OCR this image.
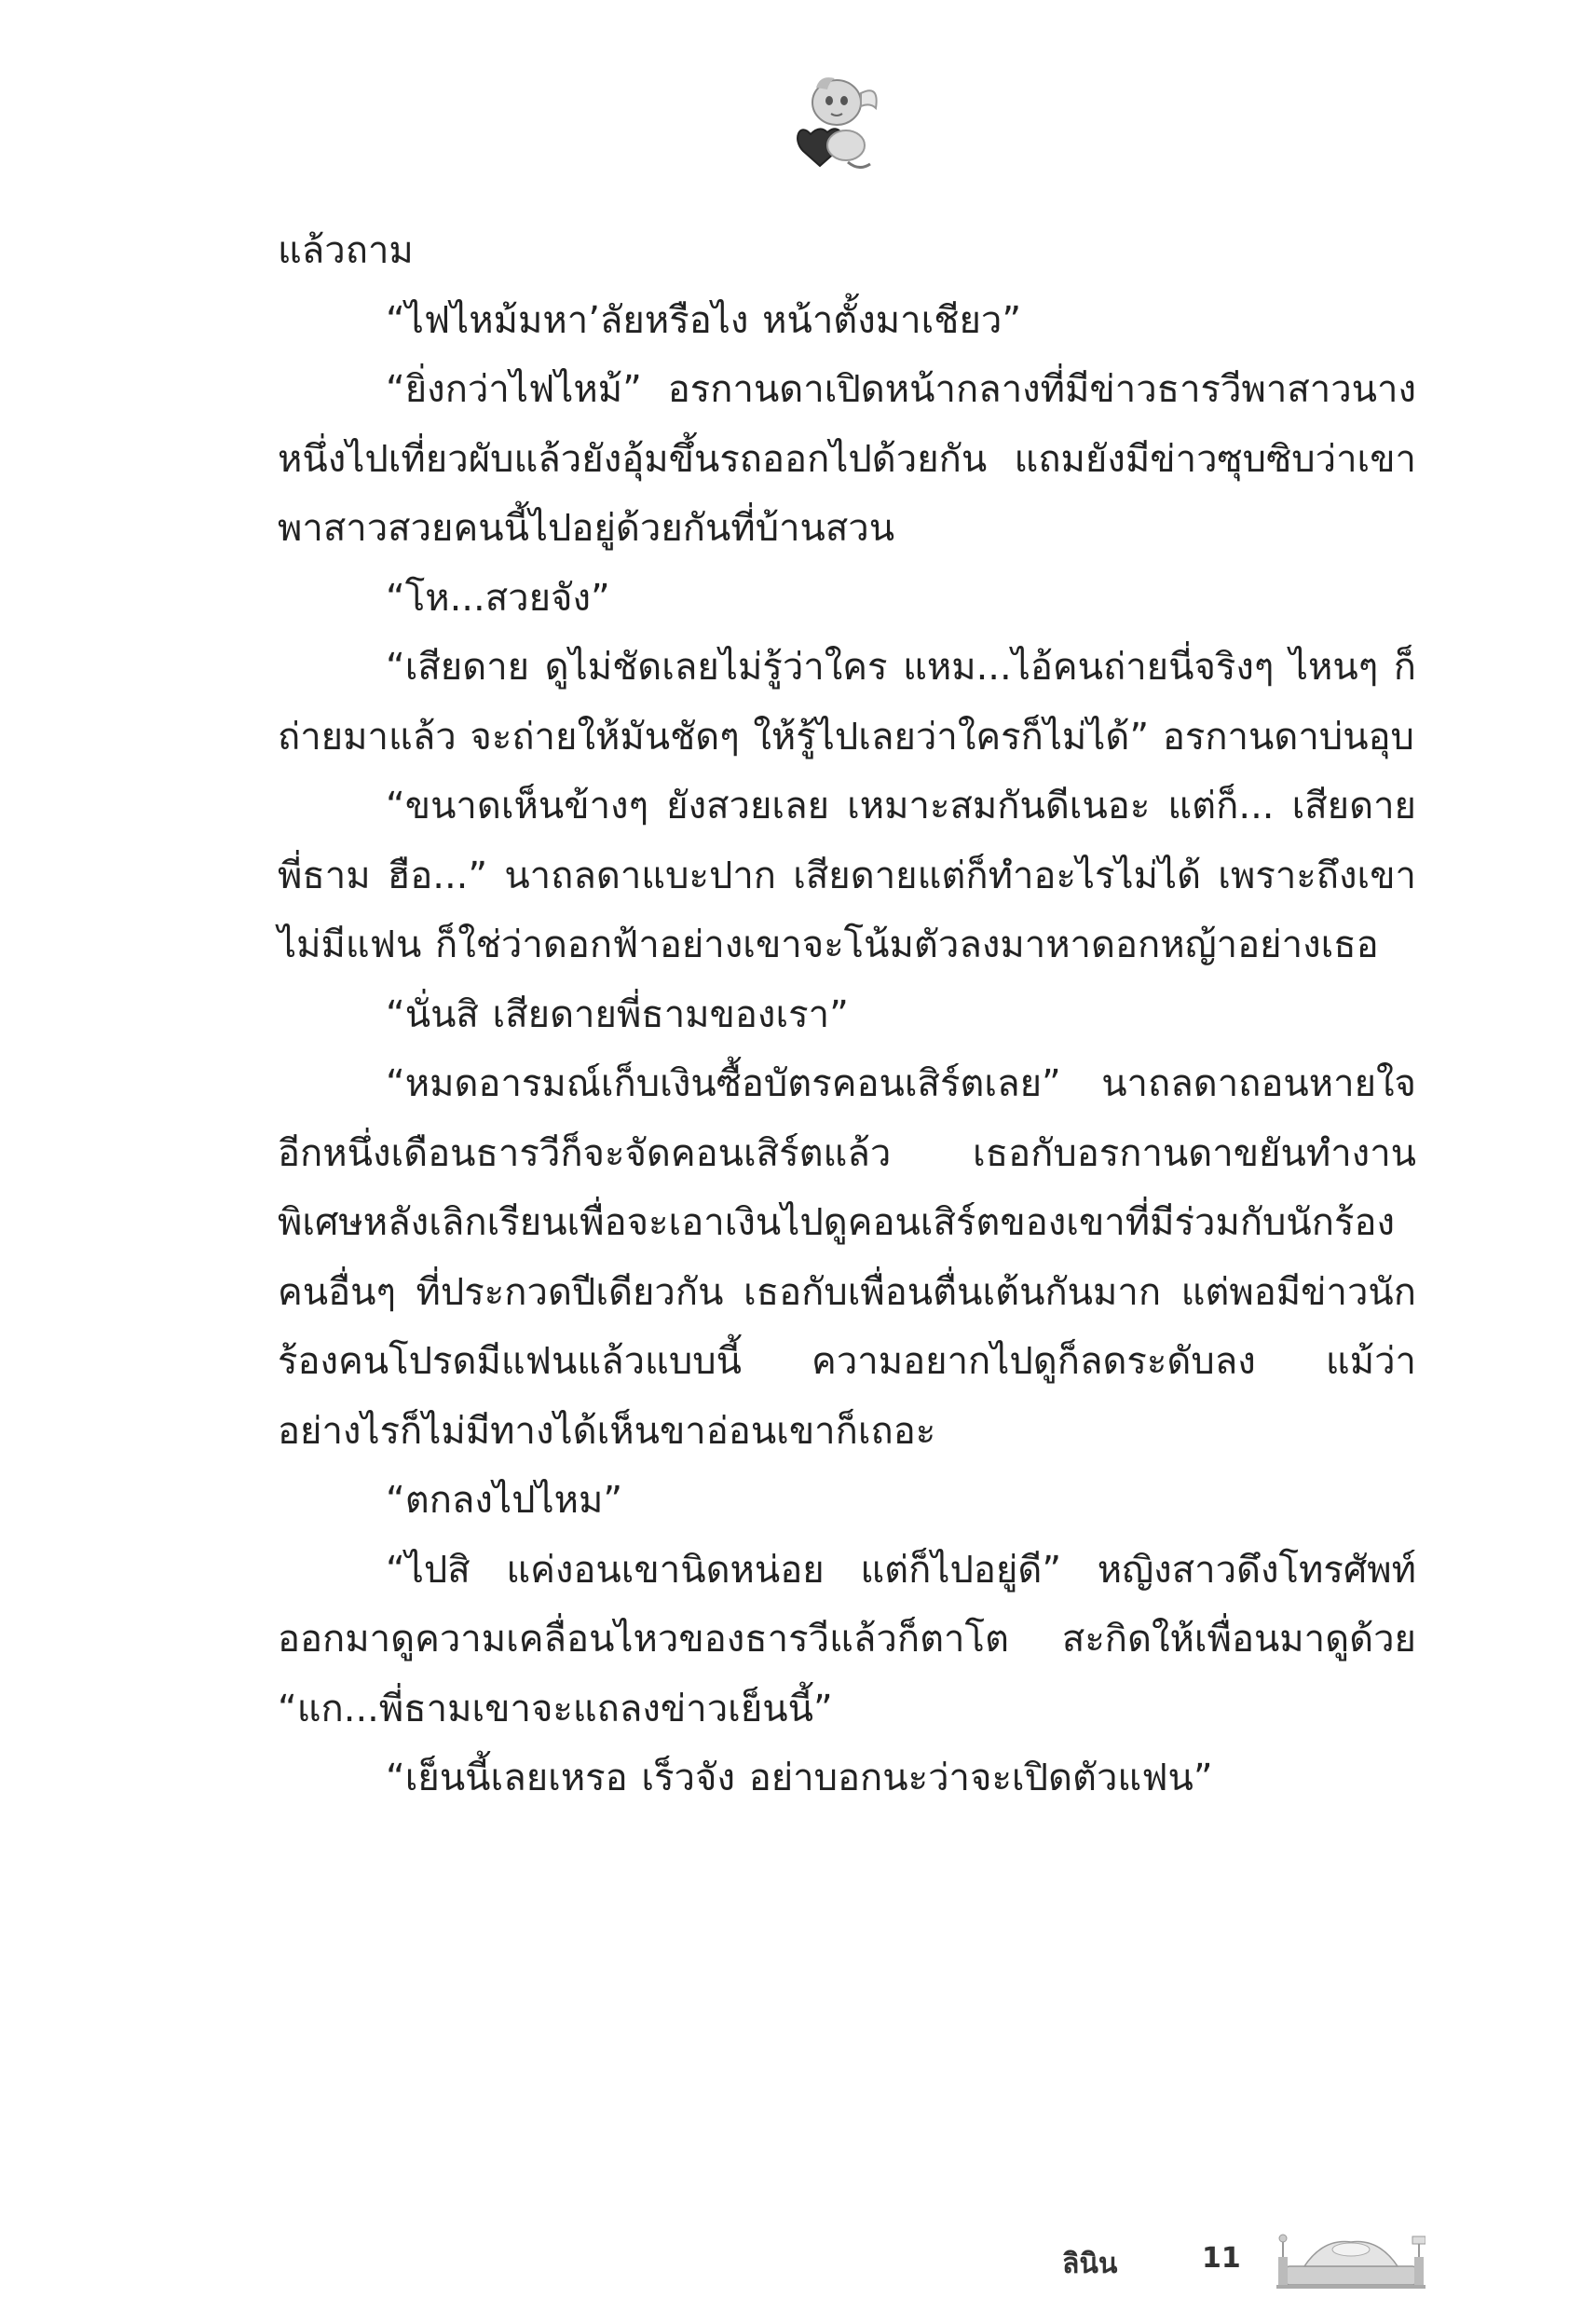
แล้วถาม

“ไฟไหม้มหา’ลัยหรือไง หน้าตั้งมาเชียว”

“ยิ่งกว่าไฟไหม้” อรกานดาเปิดหน้ากลางที่มีข่าวธารวีพาสาวนางหนึ่งไปเที่ยวผับแล้วยังอุ้มขึ้นรถออกไปด้วยกัน แถมยังมีข่าวซุบซิบว่าเขาพาสาวสวยคนนี้ไปอยู่ด้วยกันที่บ้านสวน

“โห...สวยจัง”

“เสียดาย ดูไม่ชัดเลยไม่รู้ว่าใคร แหม...ไอ้คนถ่ายนี่จริงๆ ไหนๆ ก็ถ่ายมาแล้ว จะถ่ายให้มันชัดๆ ให้รู้ไปเลยว่าใครก็ไม่ได้” อรกานดาบ่นอุบ

“ขนาดเห็นข้างๆ ยังสวยเลย เหมาะสมกันดีเนอะ แต่ก็... เสียดายพี่ธาม ฮือ...” นาถลดาแบะปาก เสียดายแต่ก็ทำอะไรไม่ได้ เพราะถึงเขาไม่มีแฟน ก็ใช่ว่าดอกฟ้าอย่างเขาจะโน้มตัวลงมาหาดอกหญ้าอย่างเธอ

“นั่นสิ เสียดายพี่ธามของเรา”

“หมดอารมณ์เก็บเงินซื้อบัตรคอนเสิร์ตเลย” นาถลดาถอนหายใจ อีกหนึ่งเดือนธารวีก็จะจัดคอนเสิร์ตแล้ว เธอกับอรกานดาขยันทำงานพิเศษหลังเลิกเรียนเพื่อจะเอาเงินไปดูคอนเสิร์ตของเขาที่มีร่วมกับนักร้องคนอื่นๆ ที่ประกวดปีเดียวกัน เธอกับเพื่อนตื่นเต้นกันมาก แต่พอมีข่าวนักร้องคนโปรดมีแฟนแล้วแบบนี้ ความอยากไปดูก็ลดระดับลง แม้ว่าอย่างไรก็ไม่มีทางได้เห็นขาอ่อนเขาก็เถอะ

“ตกลงไปไหม”

“ไปสิ แค่งอนเขานิดหน่อย แต่ก็ไปอยู่ดี” หญิงสาวดึงโทรศัพท์ออกมาดูความเคลื่อนไหวของธารวีแล้วก็ตาโต สะกิดให้เพื่อนมาดูด้วย “แก...พี่ธามเขาจะแถลงข่าวเย็นนี้”

“เย็นนี้เลยเหรอ เร็วจัง อย่าบอกนะว่าจะเปิดตัวแฟน”

ลินิน	11
